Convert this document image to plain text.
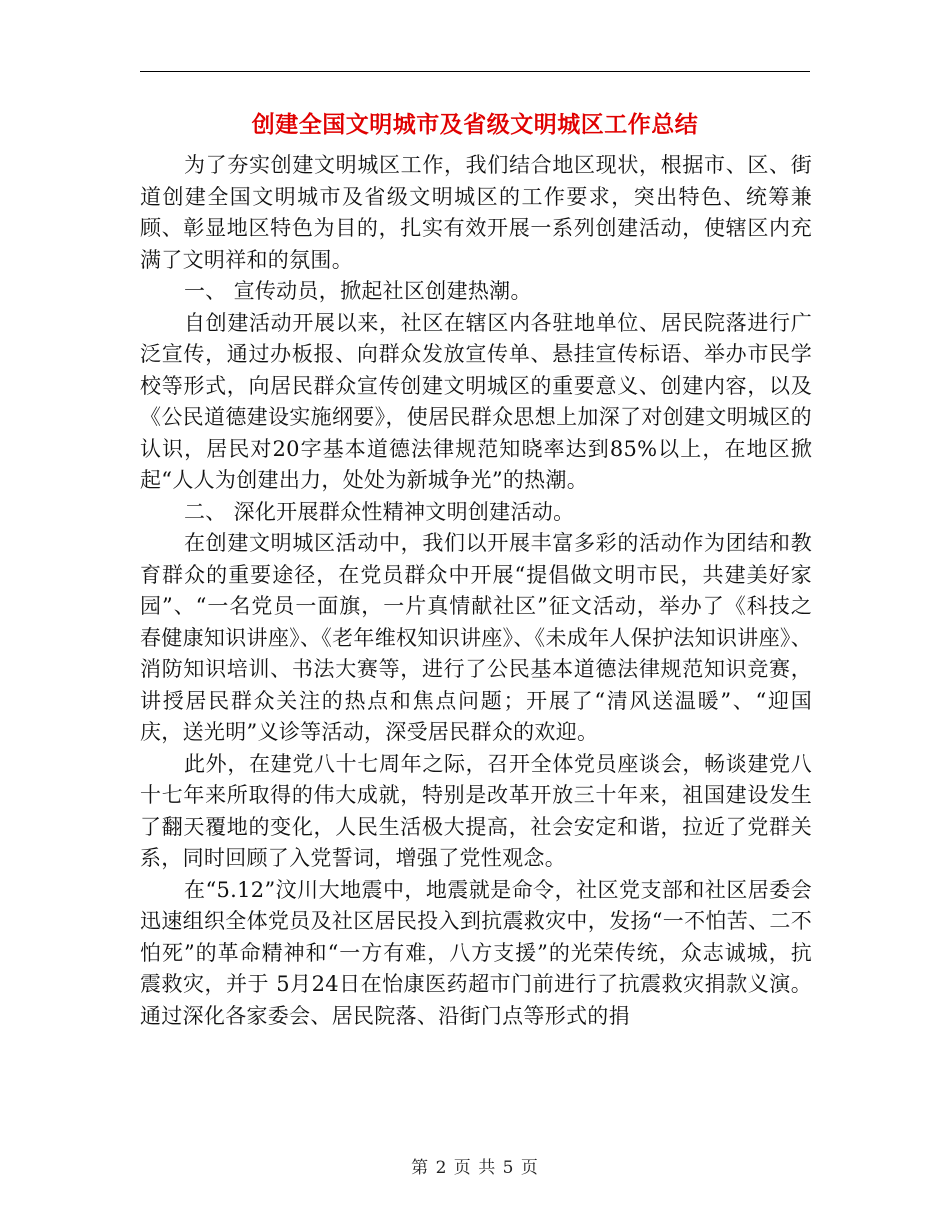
创建全国文明城市及省级文明城区工作总结

为了夯实创建文明城区工作，我们结合地区现状，根据市、区、街道创建全国文明城市及省级文明城区的工作要求，突出特色、统筹兼顾、彰显地区特色为目的，扎实有效开展一系列创建活动，使辖区内充满了文明祥和的氛围。

一、 宣传动员，掀起社区创建热潮。

自创建活动开展以来，社区在辖区内各驻地单位、居民院落进行广泛宣传，通过办板报、向群众发放宣传单、悬挂宣传标语、举办市民学校等形式，向居民群众宣传创建文明城区的重要意义、创建内容，以及《公民道德建设实施纲要》，使居民群众思想上加深了对创建文明城区的认识，居民对20字基本道德法律规范知晓率达到85%以上，在地区掀起“人人为创建出力，处处为新城争光”的热潮。

二、 深化开展群众性精神文明创建活动。

在创建文明城区活动中，我们以开展丰富多彩的活动作为团结和教育群众的重要途径，在党员群众中开展“提倡做文明市民，共建美好家园”、“一名党员一面旗，一片真情献社区”征文活动，举办了《科技之春健康知识讲座》、《老年维权知识讲座》、《未成年人保护法知识讲座》、消防知识培训、书法大赛等，进行了公民基本道德法律规范知识竞赛，讲授居民群众关注的热点和焦点问题；开展了“清风送温暖”、“迎国庆，送光明”义诊等活动，深受居民群众的欢迎。

此外，在建党八十七周年之际，召开全体党员座谈会，畅谈建党八十七年来所取得的伟大成就，特别是改革开放三十年来，祖国建设发生了翻天覆地的变化，人民生活极大提高，社会安定和谐，拉近了党群关系，同时回顾了入党誓词，增强了党性观念。

在“5.12”汶川大地震中，地震就是命令，社区党支部和社区居委会迅速组织全体党员及社区居民投入到抗震救灾中，发扬“一不怕苦、二不怕死”的革命精神和“一方有难，八方支援”的光荣传统，众志诚城，抗震救灾，并于 5月24日在怡康医药超市门前进行了抗震救灾捐款义演。通过深化各家委会、居民院落、沿街门点等形式的捐

第 2 页 共 5 页
